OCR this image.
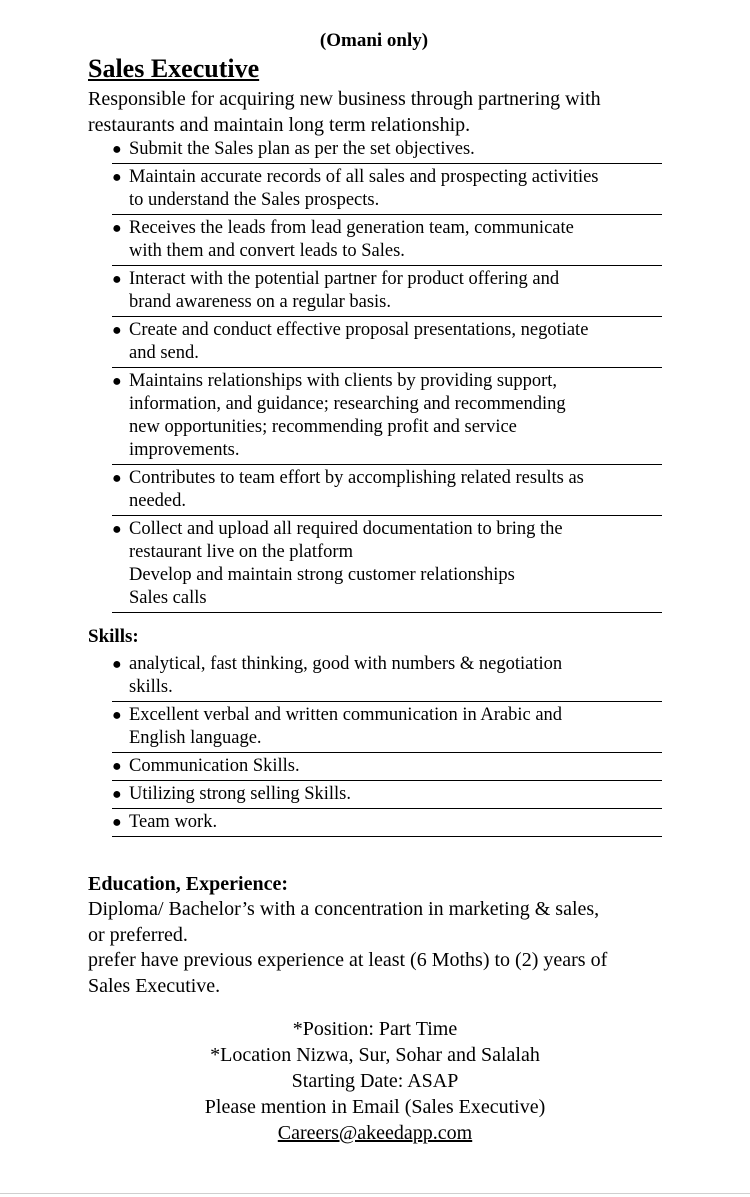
(Omani only)
Sales Executive
Responsible for acquiring new business through partnering with restaurants and maintain long term relationship.
● Submit the Sales plan as per the set objectives.
● Maintain accurate records of all sales and prospecting activities
to understand the Sales prospects.
● Receives the leads from lead generation team, communicate
with them and convert leads to Sales.
● Interact with the potential partner for product offering and
brand awareness on a regular basis.
● Create and conduct effective proposal presentations, negotiate
and send.
● Maintains relationships with clients by providing support,
information, and guidance; researching and recommending
new opportunities; recommending profit and service
improvements.
● Contributes to team effort by accomplishing related results as
needed.
● Collect and upload all required documentation to bring the
restaurant live on the platform
Develop and maintain strong customer relationships
Sales calls
Skills:
● analytical, fast thinking, good with numbers & negotiation
skills.
● Excellent verbal and written communication in Arabic and
English language.
● Communication Skills.
● Utilizing strong selling Skills.
● Team work.
Education, Experience:
Diploma/ Bachelor’s with a concentration in marketing & sales,
or preferred.
prefer have previous experience at least (6 Moths) to (2) years of
Sales Executive.
*Position: Part Time
*Location Nizwa, Sur, Sohar and Salalah
Starting Date: ASAP
Please mention in Email (Sales Executive)
Careers@akeedapp.com
